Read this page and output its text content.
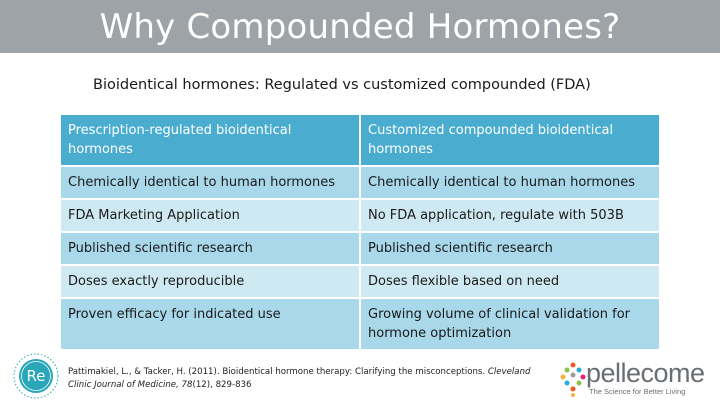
Why Compounded Hormones?
Bioidentical hormones: Regulated vs customized compounded (FDA)
Prescription-regulated bioidentical hormones	Customized compounded bioidentical hormones
Chemically identical to human hormones	Chemically identical to human hormones
FDA Marketing Application	No FDA application, regulate with 503B
Published scientific research	Published scientific research
Doses exactly reproducible	Doses flexible based on need
Proven efficacy for indicated use	Growing volume of clinical validation for hormone optimization
Re	Pattimakiel, L., & Tacker, H. (2011). Bioidentical hormone therapy: Clarifying the misconceptions. Cleveland Clinic Journal of Medicine, 78(12), 829-836	pellecome
The Science for Better Living
